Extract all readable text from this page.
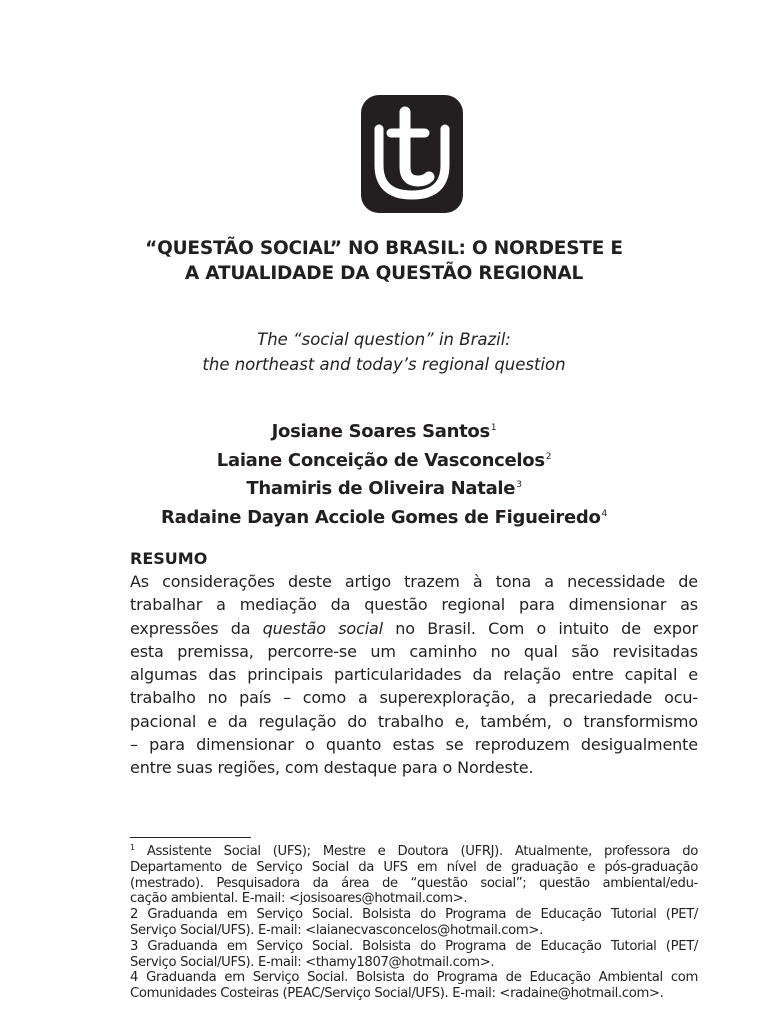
“QUESTÃO SOCIAL” NO BRASIL: O NORDESTE E
A ATUALIDADE DA QUESTÃO REGIONAL
The “social question” in Brazil:
the northeast and today’s regional question
Josiane Soares Santos$^1$
Laiane Conceição de Vasconcelos$^2$
Thamiris de Oliveira Natale$^3$
Radaine Dayan Acciole Gomes de Figueiredo$^4$
RESUMO
As considerações deste artigo trazem à tona a necessidade de
trabalhar a mediação da questão regional para dimensionar as
expressões da questão social no Brasil. Com o intuito de expor
esta premissa, percorre-se um caminho no qual são revisitadas
algumas das principais particularidades da relação entre capital e
trabalho no país – como a superexploração, a precariedade ocu-
pacional e da regulação do trabalho e, também, o transformismo
– para dimensionar o quanto estas se reproduzem desigualmente
entre suas regiões, com destaque para o Nordeste.
$^1$ Assistente Social (UFS); Mestre e Doutora (UFRJ). Atualmente, professora do
Departamento de Serviço Social da UFS em nível de graduação e pós-graduação
(mestrado). Pesquisadora da área de “questão social”; questão ambiental/edu-
cação ambiental. E-mail: <josisoares@hotmail.com>.
2 Graduanda em Serviço Social. Bolsista do Programa de Educação Tutorial (PET/
Serviço Social/UFS). E-mail: <laianecvasconcelos@hotmail.com>.
3 Graduanda em Serviço Social. Bolsista do Programa de Educação Tutorial (PET/
Serviço Social/UFS). E-mail: <thamy1807@hotmail.com>.
4 Graduanda em Serviço Social. Bolsista do Programa de Educação Ambiental com
Comunidades Costeiras (PEAC/Serviço Social/UFS). E-mail: <radaine@hotmail.com>.
